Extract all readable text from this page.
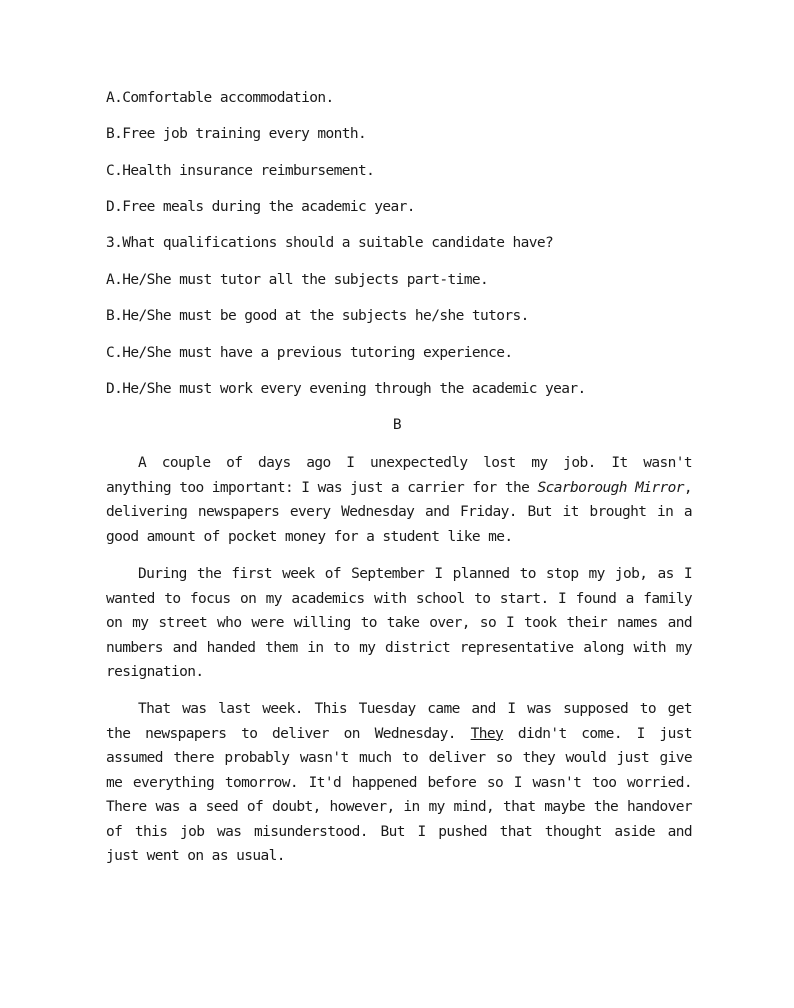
A.Comfortable accommodation.
B.Free job training every month.
C.Health insurance reimbursement.
D.Free meals during the academic year.
3.What qualifications should a suitable candidate have?
A.He/She must tutor all the subjects part-time.
B.He/She must be good at the subjects he/she tutors.
C.He/She must have a previous tutoring experience.
D.He/She must work every evening through the academic year.
B
A couple of days ago I unexpectedly lost my job. It wasn't
anything too important: I was just a carrier for the Scarborough Mirror,
delivering newspapers every Wednesday and Friday. But it brought in a
good amount of pocket money for a student like me.
During the first week of September I planned to stop my job, as I
wanted to focus on my academics with school to start. I found a family
on my street who were willing to take over, so I took their names and
numbers and handed them in to my district representative along with my
resignation.
That was last week. This Tuesday came and I was supposed to get
the newspapers to deliver on Wednesday. They didn't come. I just
assumed there probably wasn't much to deliver so they would just give
me everything tomorrow. It'd happened before so I wasn't too worried.
There was a seed of doubt, however, in my mind, that maybe the handover
of this job was misunderstood. But I pushed that thought aside and
just went on as usual.
